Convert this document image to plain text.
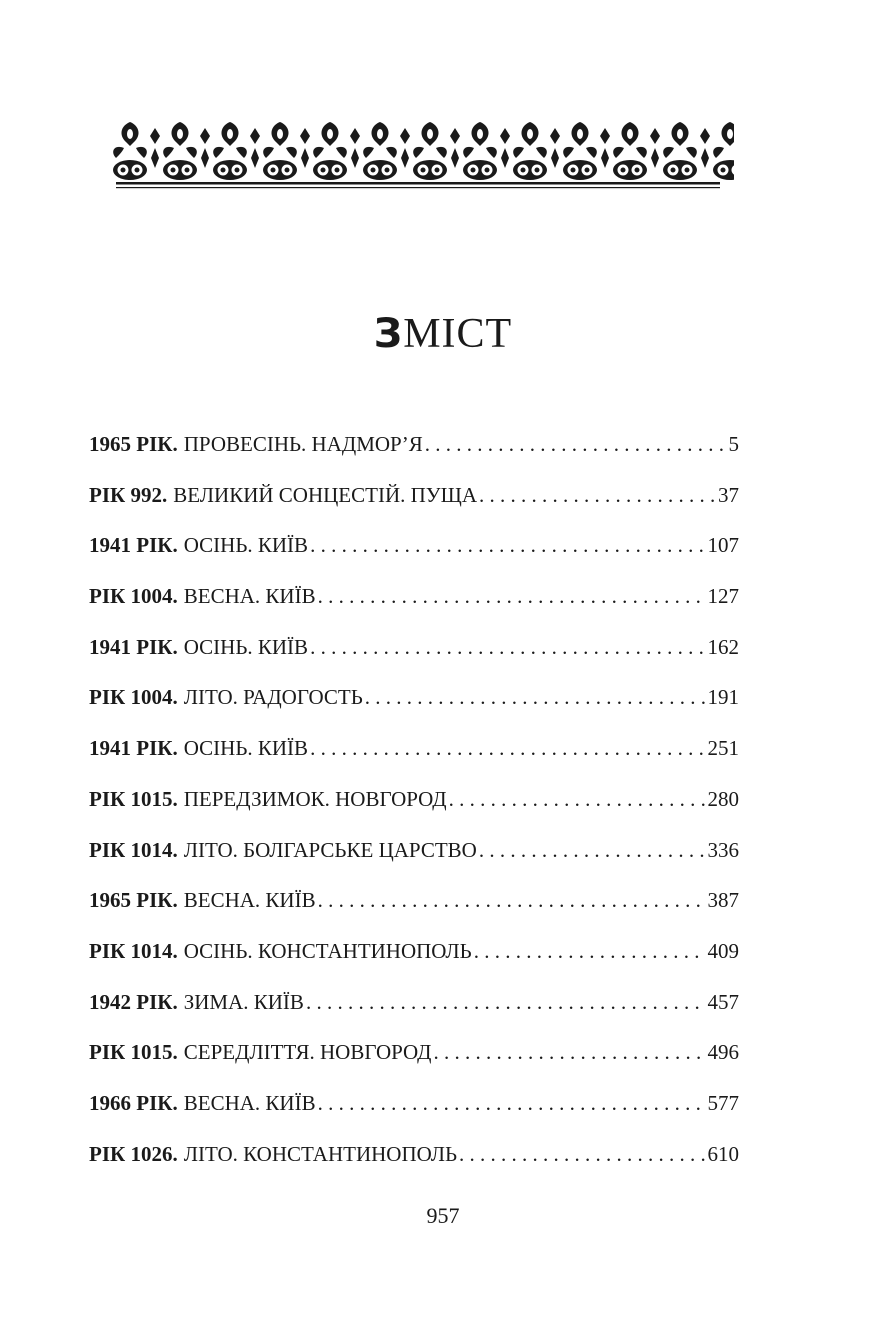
ЗМІСТ
1965 РІК. ПРОВЕСІНЬ. НАДМОР’Я . . .	5
РІК 992. ВЕЛИКИЙ СОНЦЕСТІЙ. ПУЩА . . .	37
1941 РІК. ОСІНЬ. КИЇВ . . .	107
РІК 1004. ВЕСНА. КИЇВ . . .	127
1941 РІК. ОСІНЬ. КИЇВ . . .	162
РІК 1004. ЛІТО. РАДОГОСТЬ . . .	191
1941 РІК. ОСІНЬ. КИЇВ . . .	251
РІК 1015. ПЕРЕДЗИМОК. НОВГОРОД . . .	280
РІК 1014. ЛІТО. БОЛГАРСЬКЕ ЦАРСТВО . . .	336
1965 РІК. ВЕСНА. КИЇВ . . .	387
РІК 1014. ОСІНЬ. КОНСТАНТИНОПОЛЬ . . .	409
1942 РІК. ЗИМА. КИЇВ . . .	457
РІК 1015. СЕРЕДЛІТТЯ. НОВГОРОД . . .	496
1966 РІК. ВЕСНА. КИЇВ . . .	577
РІК 1026. ЛІТО. КОНСТАНТИНОПОЛЬ . . .	610
957
